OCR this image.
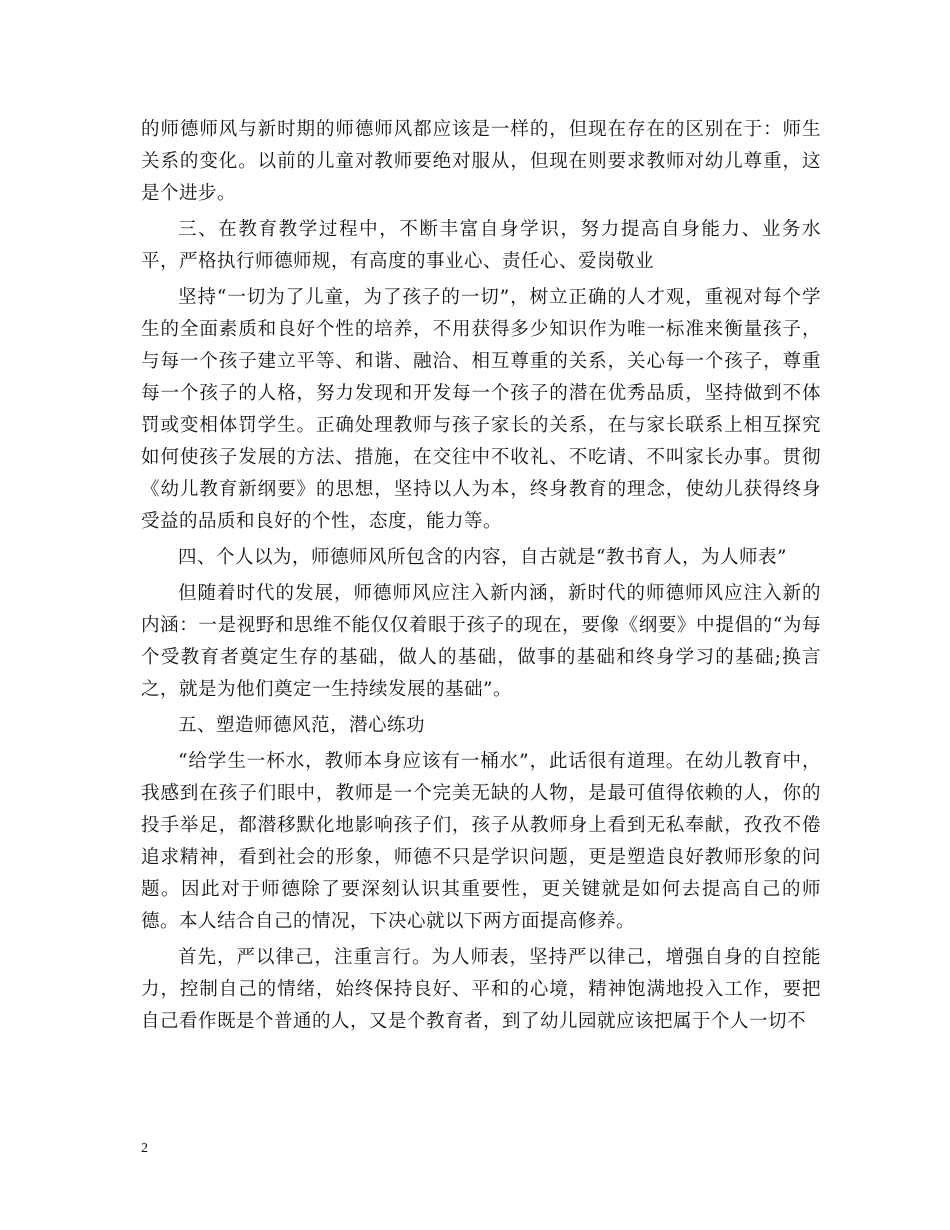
的师德师风与新时期的师德师风都应该是一样的，但现在存在的区别在于：师生关系的变化。以前的儿童对教师要绝对服从，但现在则要求教师对幼儿尊重，这是个进步。

三、在教育教学过程中，不断丰富自身学识，努力提高自身能力、业务水平，严格执行师德师规，有高度的事业心、责任心、爱岗敬业

坚持“一切为了儿童，为了孩子的一切”，树立正确的人才观，重视对每个学生的全面素质和良好个性的培养，不用获得多少知识作为唯一标准来衡量孩子，与每一个孩子建立平等、和谐、融洽、相互尊重的关系，关心每一个孩子，尊重每一个孩子的人格，努力发现和开发每一个孩子的潜在优秀品质，坚持做到不体罚或变相体罚学生。正确处理教师与孩子家长的关系，在与家长联系上相互探究如何使孩子发展的方法、措施，在交往中不收礼、不吃请、不叫家长办事。贯彻《幼儿教育新纲要》的思想，坚持以人为本，终身教育的理念，使幼儿获得终身受益的品质和良好的个性，态度，能力等。

四、个人以为，师德师风所包含的内容，自古就是“教书育人，为人师表”

但随着时代的发展，师德师风应注入新内涵，新时代的师德师风应注入新的内涵：一是视野和思维不能仅仅着眼于孩子的现在，要像《纲要》中提倡的“为每个受教育者奠定生存的基础，做人的基础，做事的基础和终身学习的基础;换言之，就是为他们奠定一生持续发展的基础”。

五、塑造师德风范，潜心练功

“给学生一杯水，教师本身应该有一桶水”，此话很有道理。在幼儿教育中，我感到在孩子们眼中，教师是一个完美无缺的人物，是最可值得依赖的人，你的投手举足，都潜移默化地影响孩子们，孩子从教师身上看到无私奉献，孜孜不倦追求精神，看到社会的形象，师德不只是学识问题，更是塑造良好教师形象的问题。因此对于师德除了要深刻认识其重要性，更关键就是如何去提高自己的师德。本人结合自己的情况，下决心就以下两方面提高修养。

首先，严以律己，注重言行。为人师表，坚持严以律己，增强自身的自控能力，控制自己的情绪，始终保持良好、平和的心境，精神饱满地投入工作，要把自己看作既是个普通的人，又是个教育者，到了幼儿园就应该把属于个人一切不

2
